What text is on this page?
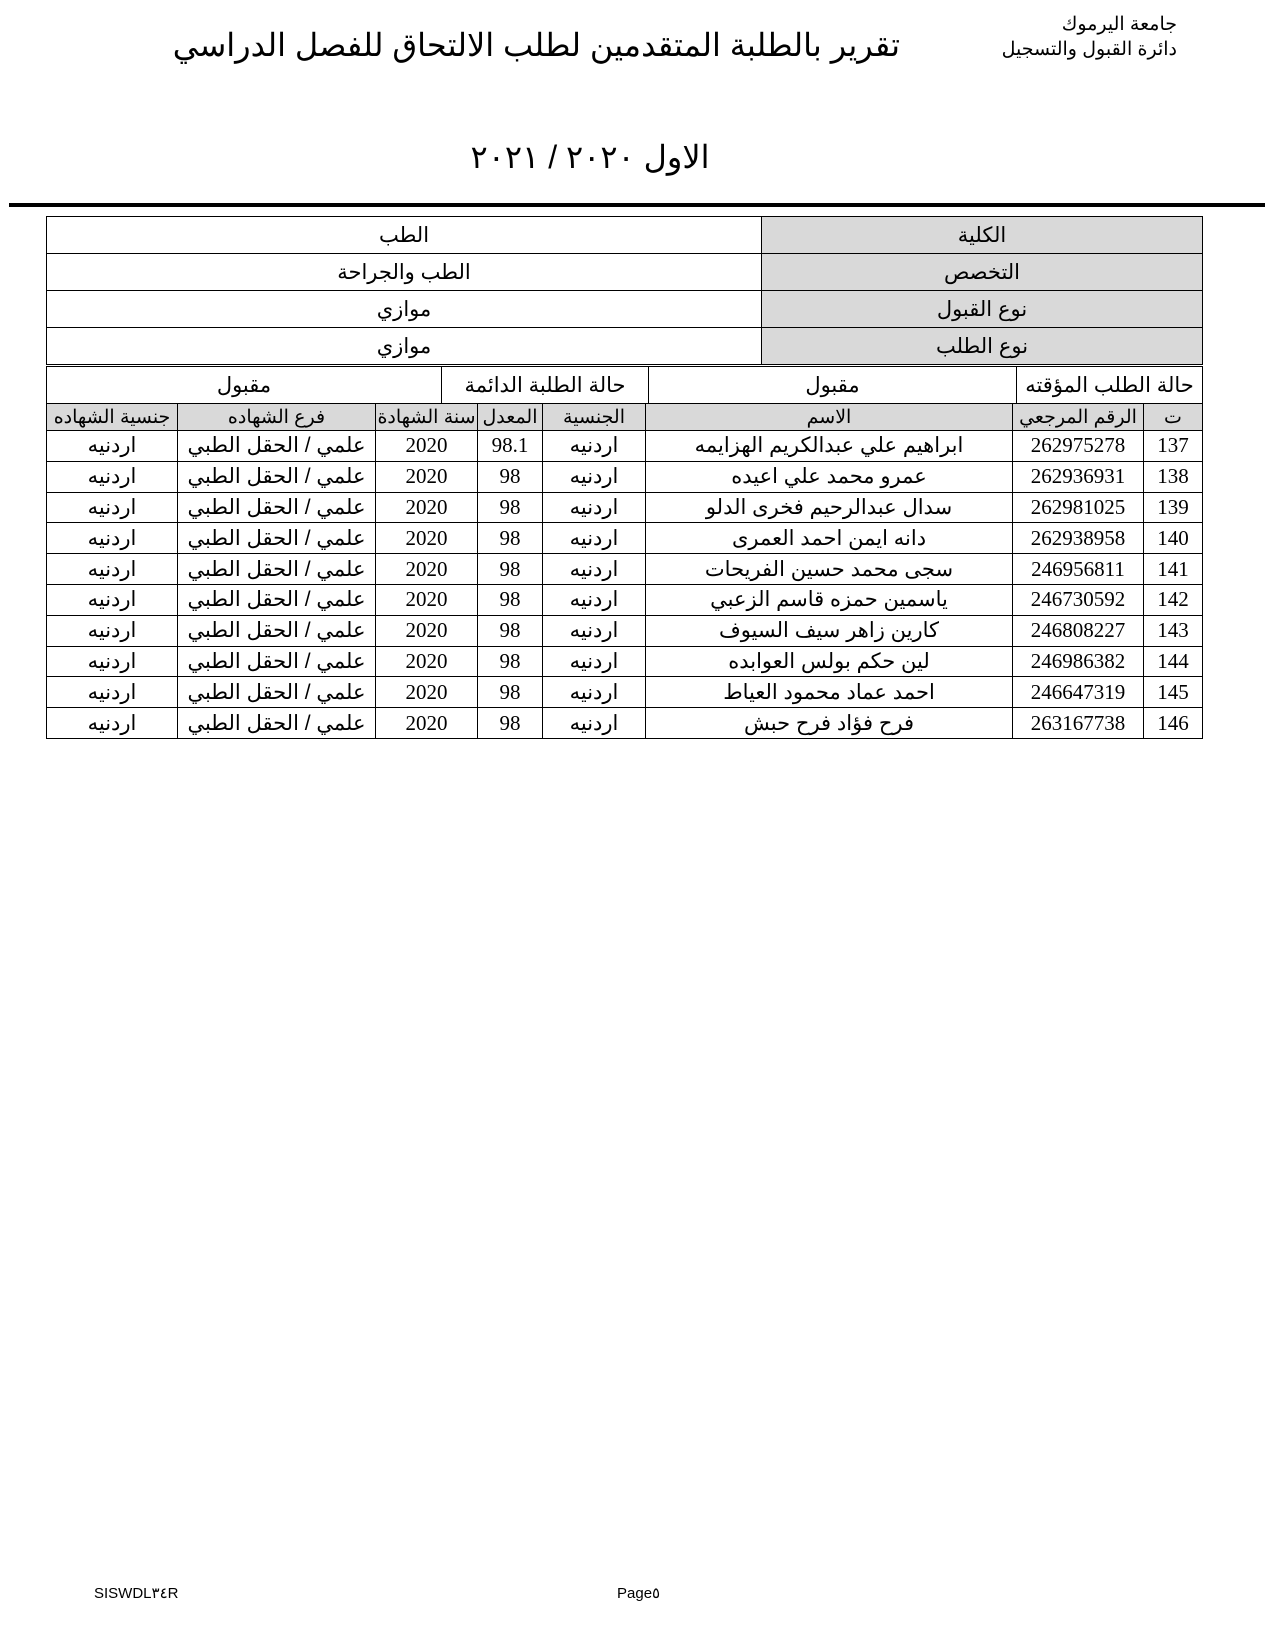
جامعة اليرموك
دائرة القبول والتسجيل
تقرير بالطلبة المتقدمين لطلب الالتحاق للفصل الدراسي
الاول ٢٠٢٠ / ٢٠٢١
الطب	الكلية
الطب والجراحة	التخصص
موازي	نوع القبول
موازي	نوع الطلب
مقبول	حالة الطلبة الدائمة	مقبول	حالة الطلب المؤقته
جنسية الشهاده	فرع الشهاده	سنة الشهادة	المعدل	الجنسية	الاسم	الرقم المرجعي	ت
اردنيه	علمي / الحقل الطبي	2020	98.1	اردنيه	ابراهيم علي عبدالكريم الهزايمه	262975278	137
اردنيه	علمي / الحقل الطبي	2020	98	اردنيه	عمرو محمد علي اعيده	262936931	138
اردنيه	علمي / الحقل الطبي	2020	98	اردنيه	سدال عبدالرحيم فخرى الدلو	262981025	139
اردنيه	علمي / الحقل الطبي	2020	98	اردنيه	دانه ايمن احمد العمرى	262938958	140
اردنيه	علمي / الحقل الطبي	2020	98	اردنيه	سجى محمد حسين الفريحات	246956811	141
اردنيه	علمي / الحقل الطبي	2020	98	اردنيه	ياسمين حمزه قاسم الزعبي	246730592	142
اردنيه	علمي / الحقل الطبي	2020	98	اردنيه	كارين زاهر سيف السيوف	246808227	143
اردنيه	علمي / الحقل الطبي	2020	98	اردنيه	لين حكم بولس العوابده	246986382	144
اردنيه	علمي / الحقل الطبي	2020	98	اردنيه	احمد عماد محمود العياط	246647319	145
اردنيه	علمي / الحقل الطبي	2020	98	اردنيه	فرح فؤاد فرح حبش	263167738	146
SISWDL٣٤R	Page٥
